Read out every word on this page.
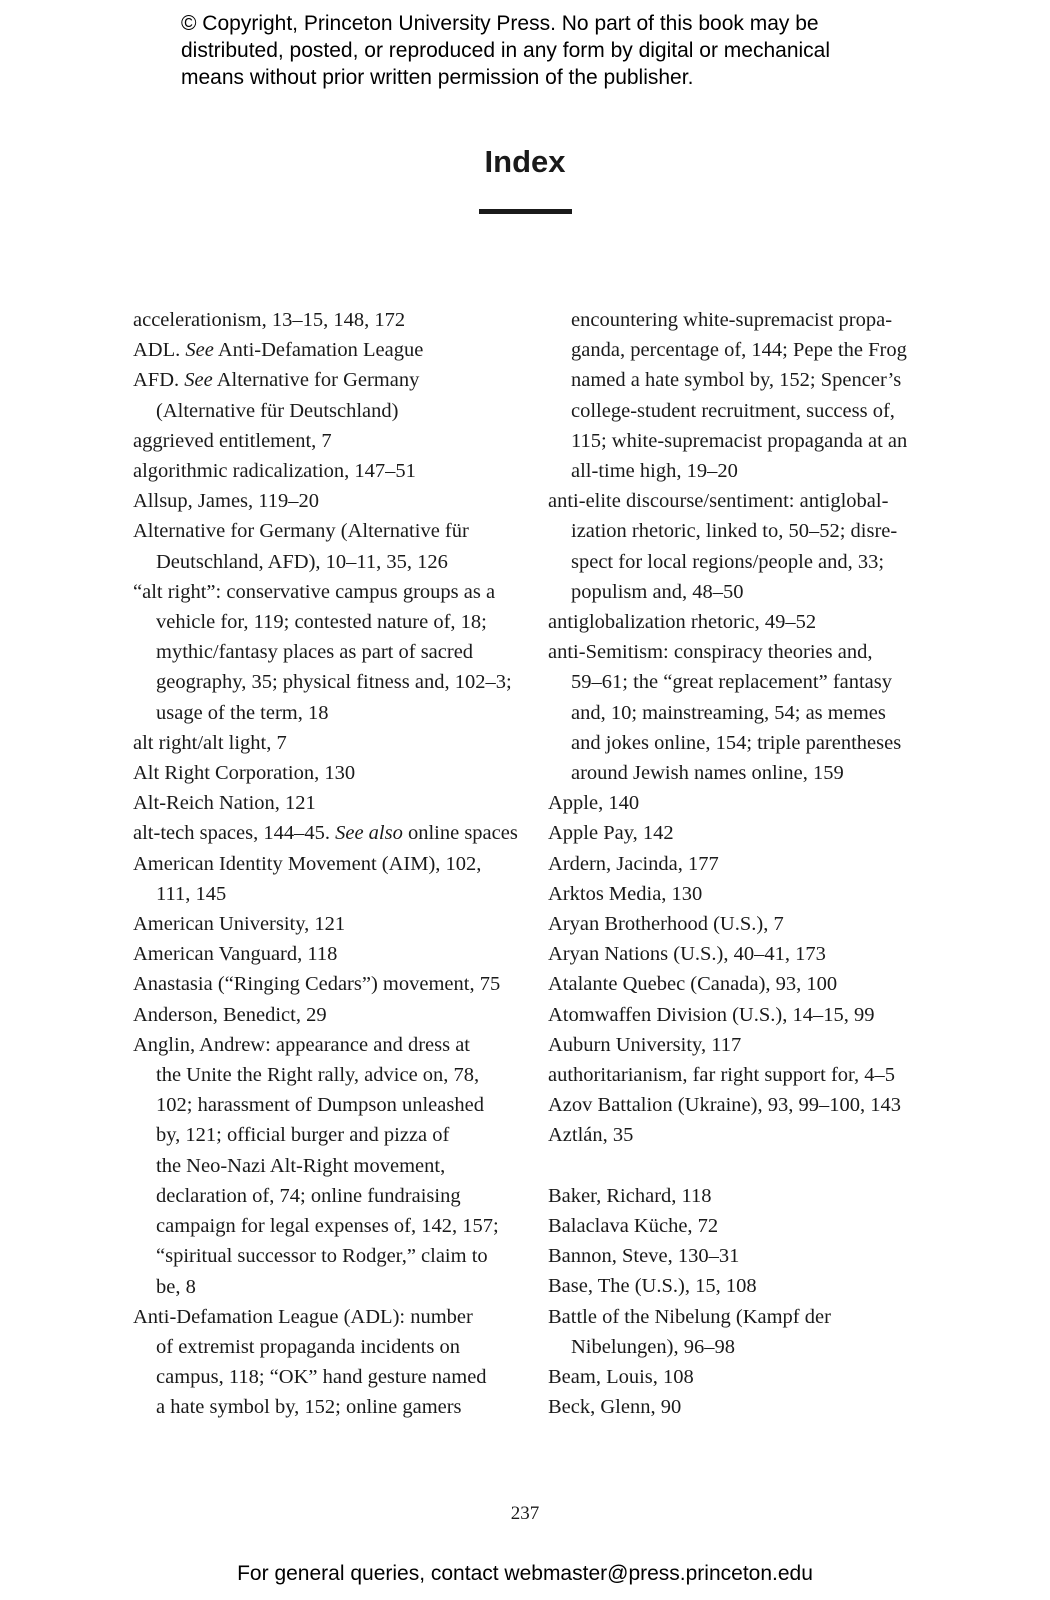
© Copyright, Princeton University Press. No part of this book may be
distributed, posted, or reproduced in any form by digital or mechanical
means without prior written permission of the publisher.
Index
accelerationism, 13–15, 148, 172
ADL. See Anti-Defamation League
AFD. See Alternative for Germany
(Alternative für Deutschland)
aggrieved entitlement, 7
algorithmic radicalization, 147–51
Allsup, James, 119–20
Alternative for Germany (Alternative für
Deutschland, AFD), 10–11, 35, 126
“alt right”: conservative campus groups as a
vehicle for, 119; contested nature of, 18;
mythic/fantasy places as part of sacred
geography, 35; physical fitness and, 102–3;
usage of the term, 18
alt right/alt light, 7
Alt Right Corporation, 130
Alt-Reich Nation, 121
alt-tech spaces, 144–45. See also online spaces
American Identity Movement (AIM), 102,
111, 145
American University, 121
American Vanguard, 118
Anastasia (“Ringing Cedars”) movement, 75
Anderson, Benedict, 29
Anglin, Andrew: appearance and dress at
the Unite the Right rally, advice on, 78,
102; harassment of Dumpson unleashed
by, 121; official burger and pizza of
the Neo-Nazi Alt-Right movement,
declaration of, 74; online fundraising
campaign for legal expenses of, 142, 157;
“spiritual successor to Rodger,” claim to
be, 8
Anti-Defamation League (ADL): number
of extremist propaganda incidents on
campus, 118; “OK” hand gesture named
a hate symbol by, 152; online gamers
encountering white-supremacist propa-
ganda, percentage of, 144; Pepe the Frog
named a hate symbol by, 152; Spencer’s
college-student recruitment, success of,
115; white-supremacist propaganda at an
all-time high, 19–20
anti-elite discourse/sentiment: antiglobal-
ization rhetoric, linked to, 50–52; disre-
spect for local regions/people and, 33;
populism and, 48–50
antiglobalization rhetoric, 49–52
anti-Semitism: conspiracy theories and,
59–61; the “great replacement” fantasy
and, 10; mainstreaming, 54; as memes
and jokes online, 154; triple parentheses
around Jewish names online, 159
Apple, 140
Apple Pay, 142
Ardern, Jacinda, 177
Arktos Media, 130
Aryan Brotherhood (U.S.), 7
Aryan Nations (U.S.), 40–41, 173
Atalante Quebec (Canada), 93, 100
Atomwaffen Division (U.S.), 14–15, 99
Auburn University, 117
authoritarianism, far right support for, 4–5
Azov Battalion (Ukraine), 93, 99–100, 143
Aztlán, 35
Baker, Richard, 118
Balaclava Küche, 72
Bannon, Steve, 130–31
Base, The (U.S.), 15, 108
Battle of the Nibelung (Kampf der
Nibelungen), 96–98
Beam, Louis, 108
Beck, Glenn, 90
237
For general queries, contact webmaster@press.princeton.edu
